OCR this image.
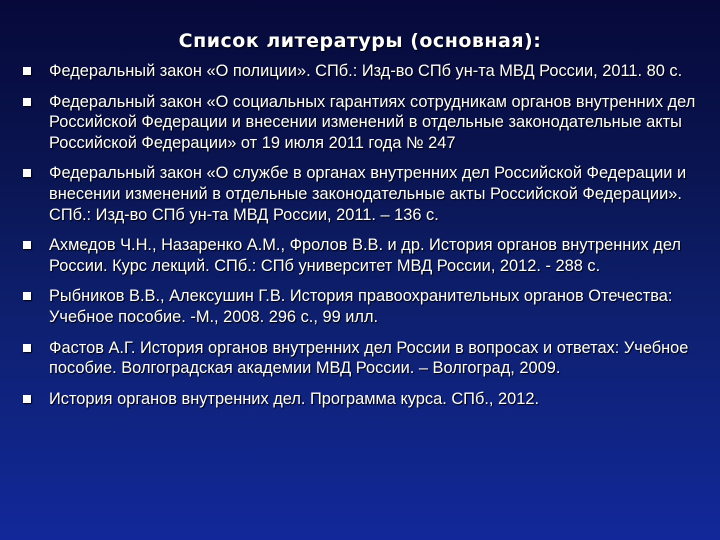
Список литературы (основная):
Федеральный закон «О полиции». СПб.: Изд-во СПб ун-та МВД России, 2011. 80 с.
Федеральный закон «О социальных гарантиях сотрудникам органов внутренних дел Российской Федерации и внесении изменений в отдельные законодательные акты Российской Федерации» от 19 июля 2011 года № 247
Федеральный закон «О службе в органах внутренних дел Российской Федерации и внесении изменений в отдельные законодательные акты Российской Федерации». СПб.: Изд-во СПб ун-та МВД России, 2011. – 136 с.
Ахмедов Ч.Н., Назаренко А.М., Фролов В.В. и др. История органов внутренних дел России. Курс лекций. СПб.: СПб университет МВД России, 2012. - 288 с.
Рыбников В.В., Алексушин Г.В. История правоохранительных органов Отечества: Учебное пособие. -М., 2008. 296 с., 99 илл.
Фастов А.Г. История органов внутренних дел России в вопросах и ответах: Учебное пособие. Волгоградская академии МВД России. – Волгоград, 2009.
История органов внутренних дел. Программа курса. СПб., 2012.
